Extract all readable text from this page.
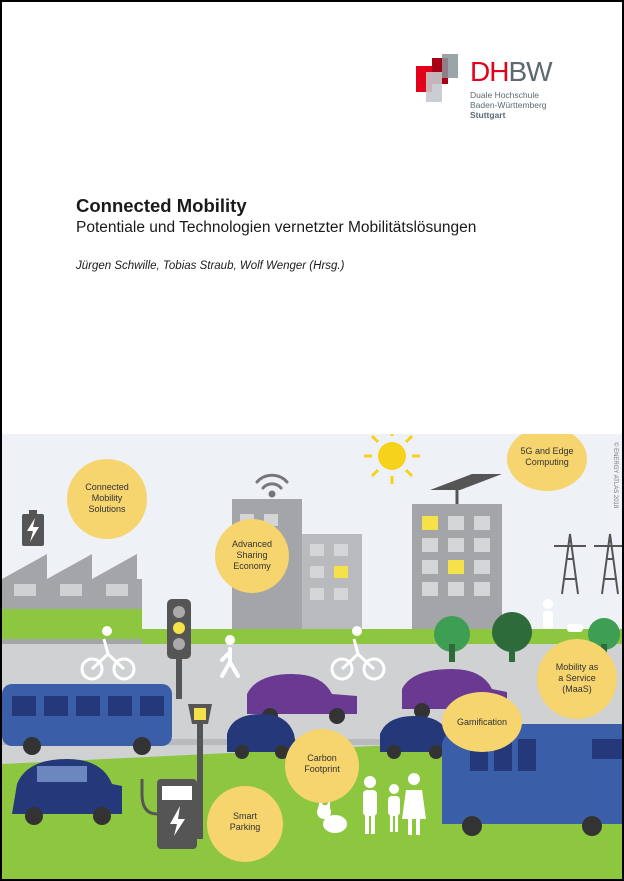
DHBW
Duale Hochschule
Baden-Württemberg
Stuttgart
Connected Mobility
Potentiale und Technologien vernetzter Mobilitätslösungen
Jürgen Schwille, Tobias Straub, Wolf Wenger (Hrsg.)
Connected Mobility Solutions
Advanced Sharing Economy
5G and Edge Computing
Mobility as a Service (MaaS)
Gamification
Carbon Footprint
Smart Parking
© ENERGY ATLAS 2018
